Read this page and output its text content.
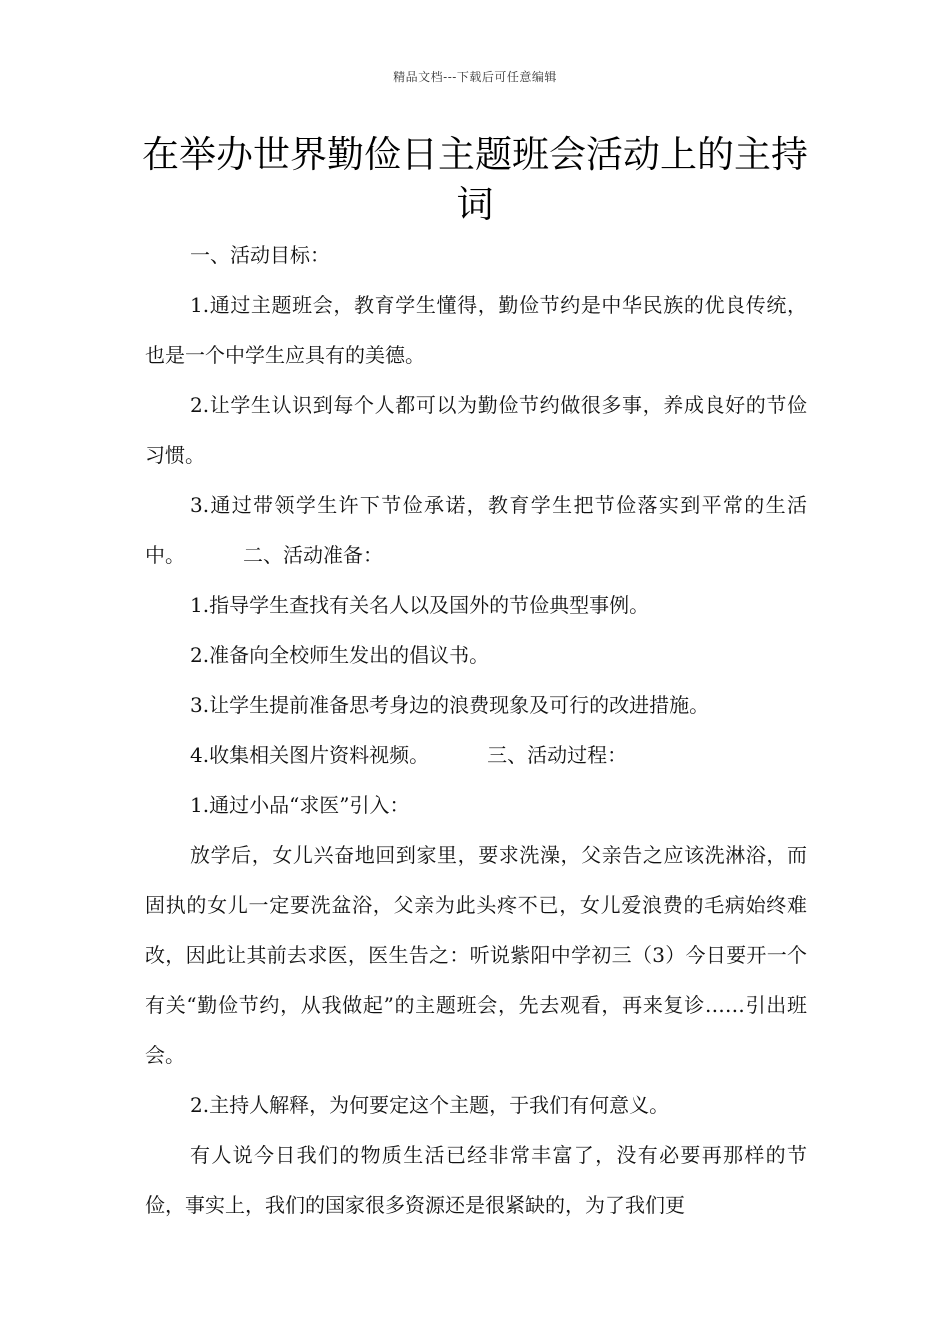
精品文档---下载后可任意编辑
在举办世界勤俭日主题班会活动上的主持词

一、活动目标：

1.通过主题班会，教育学生懂得，勤俭节约是中华民族的优良传统，也是一个中学生应具有的美德。

2.让学生认识到每个人都可以为勤俭节约做很多事，养成良好的节俭习惯。

3.通过带领学生许下节俭承诺，教育学生把节俭落实到平常的生活中。	二、活动准备：

1.指导学生查找有关名人以及国外的节俭典型事例。

2.准备向全校师生发出的倡议书。

3.让学生提前准备思考身边的浪费现象及可行的改进措施。

4.收集相关图片资料视频。	三、活动过程：

1.通过小品“求医”引入：

放学后，女儿兴奋地回到家里，要求洗澡，父亲告之应该洗淋浴，而固执的女儿一定要洗盆浴，父亲为此头疼不已，女儿爱浪费的毛病始终难改，因此让其前去求医，医生告之：听说紫阳中学初三（3）今日要开一个有关“勤俭节约，从我做起”的主题班会，先去观看，再来复诊……引出班会。

2.主持人解释，为何要定这个主题，于我们有何意义。

有人说今日我们的物质生活已经非常丰富了，没有必要再那样的节俭，事实上，我们的国家很多资源还是很紧缺的，为了我们更
